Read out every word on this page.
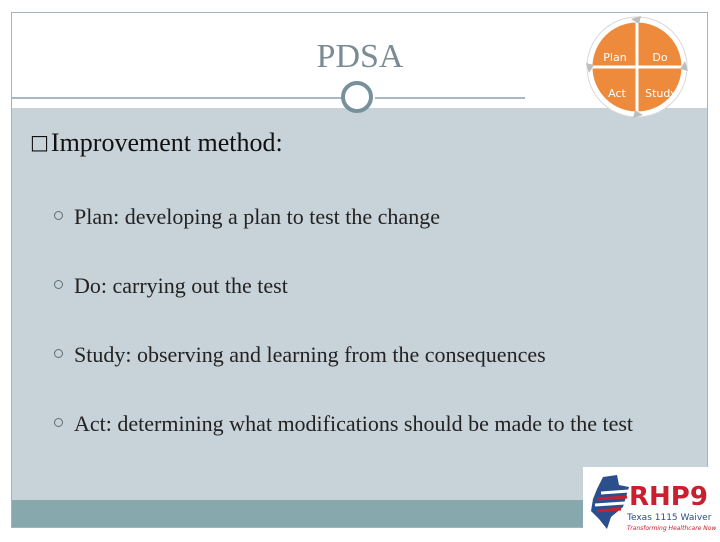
PDSA
□Improvement method:
Plan: developing a plan to test the change
Do: carrying out the test
Study: observing and learning from the consequences
Act: determining what modifications should be made to the test
Plan Do
Act Study
RHP9
Texas 1115 Waiver
Transforming Healthcare Now
